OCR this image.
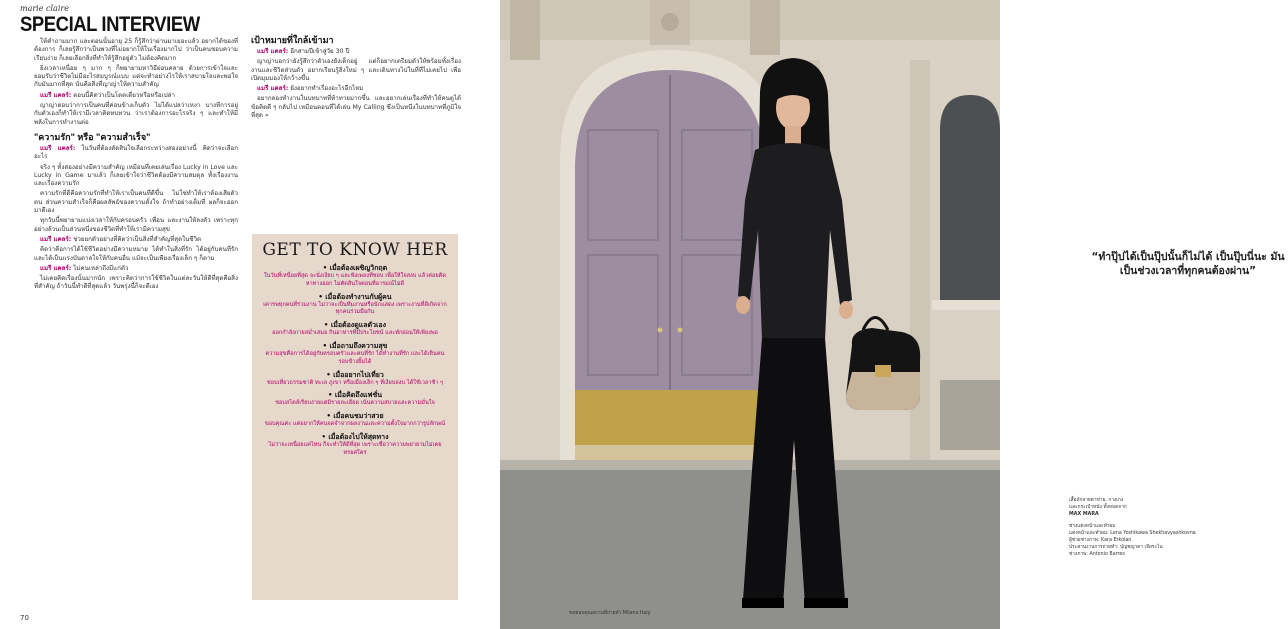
marie claire
SPECIAL INTERVIEW

ให้คำถามมาก และตอนนั้นอายุ 25 ก็รู้สึกว่าผ่านมาเยอะแล้ว อยากได้ของที่ต้องการ ก็เลยรู้สึกว่าเป็นพวงที่ไม่อยากให้ในเรื่องมากไป ว่าเป็นคนชอบความเรียบง่าย ก็เลยเลือกสิ่งที่ทำให้รู้สึกอยู่ตัว ไม่ต้องคิดมาก

ยิ่งเวลาเหนื่อย ๆ มาก ๆ ก็พยายามหาวิธีผ่อนคลาย ด้วยการเข้าใจและยอมรับว่าชีวิตไม่มีอะไรสมบูรณ์แบบ แต่จะทำอย่างไรให้เราสบายใจและพอใจกับมันมากที่สุด นั่นคือสิ่งที่ญาญ่าให้ความสำคัญ

แมรี แคลร์: ตอนนี้คิดว่าเป็นโดดเดี่ยวหรือหรือเปล่า

ญาญ่าตอบว่าการเป็นคนที่ค่อนข้างเก็บตัว ไม่ได้แปลว่าเหงา บางทีการอยู่กับตัวเองก็ทำให้เรามีเวลาคิดทบทวน ว่าเราต้องการอะไรจริง ๆ และทำให้มีพลังในการทำงานต่อ

"ความรัก" หรือ "ความสำเร็จ"

แมรี แคลร์: ในวันที่ต้องตัดสินใจเลือกระหว่างสองอย่างนี้ คิดว่าจะเลือกอะไร

จริง ๆ ทั้งสองอย่างมีความสำคัญ เหมือนที่เคยเล่นเรื่อง Lucky in Love และ Lucky in Game มาแล้ว ก็เลยเข้าใจว่าชีวิตต้องมีความสมดุล ทั้งเรื่องงานและเรื่องความรัก

ความรักที่ดีคือความรักที่ทำให้เราเป็นคนที่ดีขึ้น ไม่ใช่ทำให้เราต้องเสียตัวตน ส่วนความสำเร็จก็คือผลลัพธ์ของความตั้งใจ ถ้าทำอย่างเต็มที่ ผลก็จะออกมาดีเอง

ทุกวันนี้พยายามแบ่งเวลาให้กับครอบครัว เพื่อน และงานให้ลงตัว เพราะทุกอย่างล้วนเป็นส่วนหนึ่งของชีวิตที่ทำให้เรามีความสุข

แมรี แคลร์: ช่วยยกตัวอย่างที่คิดว่าเป็นสิ่งที่สำคัญที่สุดในชีวิต

คิดว่าคือการได้ใช้ชีวิตอย่างมีความหมาย ได้ทำในสิ่งที่รัก ได้อยู่กับคนที่รัก และได้เป็นแรงบันดาลใจให้กับคนอื่น แม้จะเป็นเพียงเรื่องเล็ก ๆ ก็ตาม

แมรี แคลร์: ไม่คนเหล่าถึงมีแก่ตัว

ไม่เคยคิดเรื่องนั้นมากนัก เพราะคิดว่าการใช้ชีวิตในแต่ละวันให้ดีที่สุดคือสิ่งที่สำคัญ ถ้าวันนี้ทำดีที่สุดแล้ว วันพรุ่งนี้ก็จะดีเอง

เป้าหมายที่ใกล้เข้ามา

แมรี แคลร์: อีกสามปีเข้าสู่วัย 30 ปี

ญาญ่าบอกว่ายังรู้สึกว่าตัวเองยังเด็กอยู่ แต่ก็อยากเตรียมตัวให้พร้อมทั้งเรื่องงานและชีวิตส่วนตัว อยากเรียนรู้สิ่งใหม่ ๆ และเดินทางไปในที่ที่ไม่เคยไป เพื่อเปิดมุมมองให้กว้างขึ้น

แมรี แคลร์: ยังอยากทำเรื่องอะไรอีกไหม

อยากลองทำงานในบทบาทที่ท้าทายมากขึ้น และอยากเล่นเรื่องที่ทำให้คนดูได้ข้อคิดดี ๆ กลับไป เหมือนตอนที่ได้เล่น My Calling ซึ่งเป็นหนึ่งในบทบาทที่ภูมิใจที่สุด »

GET TO KNOW HER
• เมื่อต้องเผชิญวิกฤต
ในวันที่เหนื่อยที่สุด จะนั่งเงียบ ๆ และฟังเพลงที่ชอบ เพื่อให้ใจสงบ แล้วค่อยคิดหาทางออก ไม่ตัดสินใจตอนที่อารมณ์ไม่ดี
• เมื่อต้องทำงานกับผู้คน
เคารพทุกคนที่ร่วมงาน ไม่ว่าจะเป็นทีมงานหรือนักแสดง เพราะงานที่ดีเกิดจากทุกคนร่วมมือกัน
• เมื่อต้องดูแลตัวเอง
ออกกำลังกายสม่ำเสมอ กินอาหารที่มีประโยชน์ และพักผ่อนให้เพียงพอ
• เมื่อถามถึงความสุข
ความสุขคือการได้อยู่กับครอบครัวและคนที่รัก ได้ทำงานที่รัก และได้เห็นคนรอบข้างยิ้มได้
• เมื่ออยากไปเที่ยว
ชอบเที่ยวธรรมชาติ ทะเล ภูเขา หรือเมืองเล็ก ๆ ที่เงียบสงบ ได้ใช้เวลาช้า ๆ
• เมื่อคิดถึงแฟชั่น
ชอบสไตล์เรียบง่ายแต่มีรายละเอียด เน้นความสบายและความมั่นใจ
• เมื่อคนชมว่าสวย
ขอบคุณค่ะ แต่อยากให้คนจดจำจากผลงานและความตั้งใจมากกว่ารูปลักษณ์
• เมื่อต้องไปให้สุดทาง
ไม่ว่าจะเหนื่อยแค่ไหน ก็จะทำให้ดีที่สุด เพราะเชื่อว่าความพยายามไม่เคยทรยศใคร
70
“ทำปุ๊ปได้เป็นปุ๊ปนั้นก็ไม่ได้ เป็นปุ๊บนี่นะ มันเป็นช่วงเวลาที่ทุกคนต้องผ่าน”
เสื้อถักลายตาข่าย, กางเกง
และกระเป๋าหนัง ทั้งหมดจาก
MAX MARA
ช่างแต่งหน้าและทำผม
แต่งหน้าและทำผม: Lena Yoshikawa Shekhavyashkovna
ผู้ช่วยช่างภาพ: Kara Erkolan
ประสานงานการถ่ายทำ: ปุ่ญชญาดา เจียระไน
ช่างภาพ: Antonio Barres
ขอขอบคุณสถานที่ถ่ายทำ Milano Italy
